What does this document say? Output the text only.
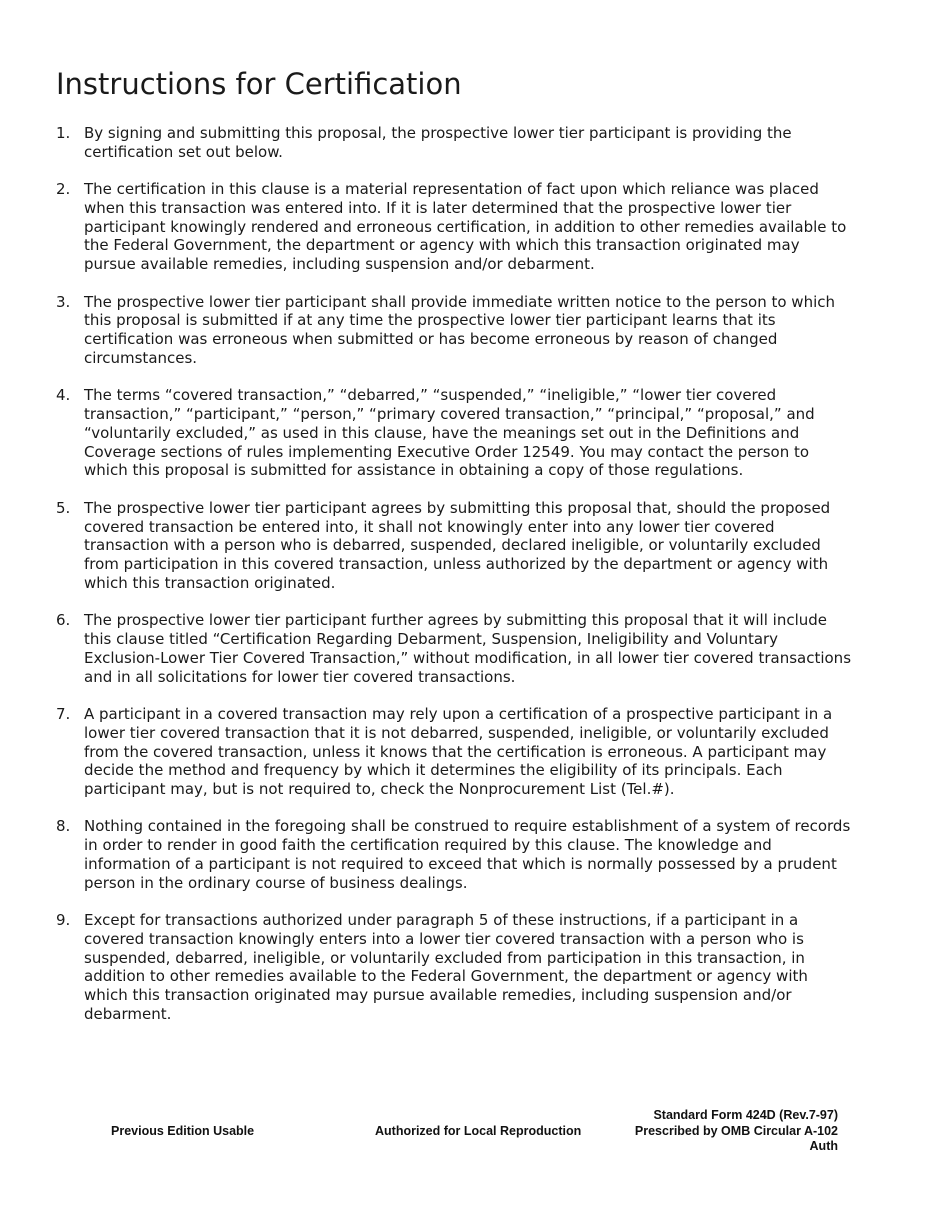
Instructions for Certification
1. By signing and submitting this proposal, the prospective lower tier participant is providing the certification set out below.
2. The certification in this clause is a material representation of fact upon which reliance was placed when this transaction was entered into. If it is later determined that the prospective lower tier participant knowingly rendered and erroneous certification, in addition to other remedies available to the Federal Government, the department or agency with which this transaction originated may pursue available remedies, including suspension and/or debarment.
3. The prospective lower tier participant shall provide immediate written notice to the person to which this proposal is submitted if at any time the prospective lower tier participant learns that its certification was erroneous when submitted or has become erroneous by reason of changed circumstances.
4. The terms “covered transaction,” “debarred,” “suspended,” “ineligible,” “lower tier covered transaction,” “participant,” “person,” “primary covered transaction,” “principal,” “proposal,” and “voluntarily excluded,” as used in this clause, have the meanings set out in the Definitions and Coverage sections of rules implementing Executive Order 12549. You may contact the person to which this proposal is submitted for assistance in obtaining a copy of those regulations.
5. The prospective lower tier participant agrees by submitting this proposal that, should the proposed covered transaction be entered into, it shall not knowingly enter into any lower tier covered transaction with a person who is debarred, suspended, declared ineligible, or voluntarily excluded from participation in this covered transaction, unless authorized by the department or agency with which this transaction originated.
6. The prospective lower tier participant further agrees by submitting this proposal that it will include this clause titled “Certification Regarding Debarment, Suspension, Ineligibility and Voluntary Exclusion-Lower Tier Covered Transaction,” without modification, in all lower tier covered transactions and in all solicitations for lower tier covered transactions.
7. A participant in a covered transaction may rely upon a certification of a prospective participant in a lower tier covered transaction that it is not debarred, suspended, ineligible, or voluntarily excluded from the covered transaction, unless it knows that the certification is erroneous. A participant may decide the method and frequency by which it determines the eligibility of its principals. Each participant may, but is not required to, check the Nonprocurement List (Tel.#).
8. Nothing contained in the foregoing shall be construed to require establishment of a system of records in order to render in good faith the certification required by this clause. The knowledge and information of a participant is not required to exceed that which is normally possessed by a prudent person in the ordinary course of business dealings.
9. Except for transactions authorized under paragraph 5 of these instructions, if a participant in a covered transaction knowingly enters into a lower tier covered transaction with a person who is suspended, debarred, ineligible, or voluntarily excluded from participation in this transaction, in addition to other remedies available to the Federal Government, the department or agency with which this transaction originated may pursue available remedies, including suspension and/or debarment.
Previous Edition Usable	Authorized for Local Reproduction
Standard Form 424D (Rev.7-97)
Prescribed by OMB Circular A-102
Auth
